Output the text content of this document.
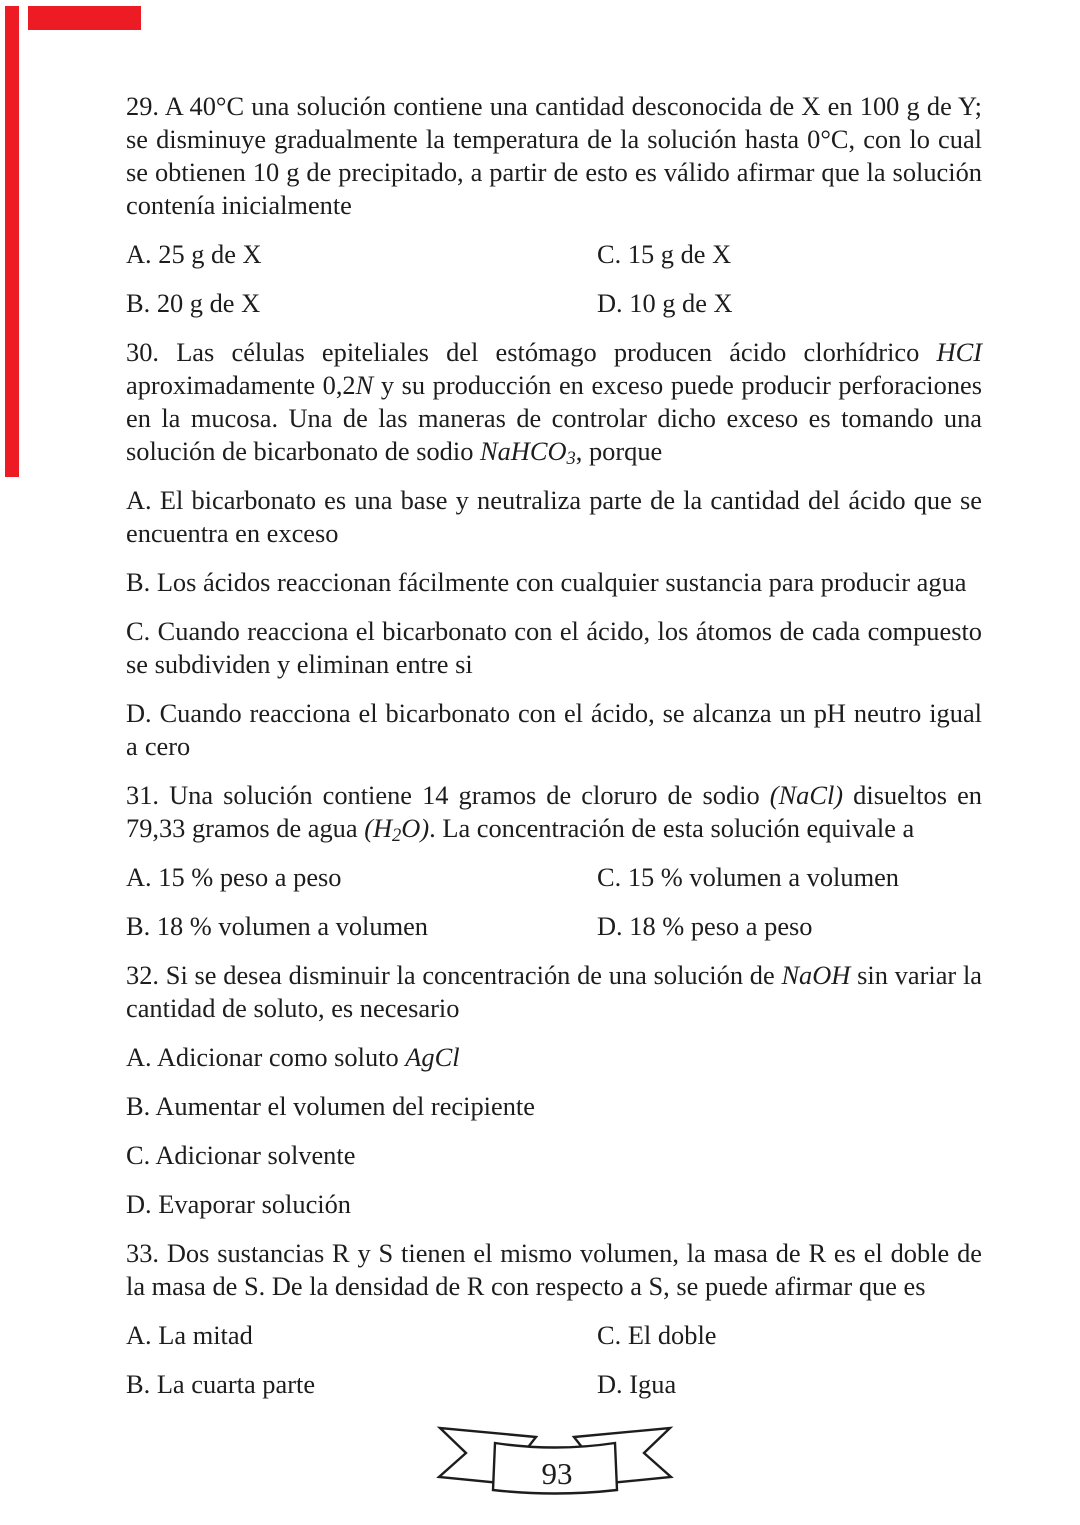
29. A 40°C una solución contiene una cantidad desconocida de X en 100 g de Y; se disminuye gradualmente la temperatura de la solución hasta 0°C, con lo cual se obtienen 10 g de precipitado, a partir de esto es válido afirmar que la solución contenía inicialmente

A. 25 g de X	C. 15 g de X

B. 20 g de X	D. 10 g de X

30. Las células epiteliales del estómago producen ácido clorhídrico HCI aproximadamente 0,2N y su producción en exceso puede producir perforaciones en la mucosa. Una de las maneras de controlar dicho exceso es tomando una solución de bicarbonato de sodio NaHCO$_3$, porque

A. El bicarbonato es una base y neutraliza parte de la cantidad del ácido que se encuentra en exceso

B. Los ácidos reaccionan fácilmente con cualquier sustancia para producir agua

C. Cuando reacciona el bicarbonato con el ácido, los átomos de cada compuesto se subdividen y eliminan entre si

D. Cuando reacciona el bicarbonato con el ácido, se alcanza un pH neutro igual a cero

31. Una solución contiene 14 gramos de cloruro de sodio (NaCl) disueltos en 79,33 gramos de agua $(H_2O)$. La concentración de esta solución equivale a

A. 15 % peso a peso	C. 15 % volumen a volumen

B. 18 % volumen a volumen	D. 18 % peso a peso

32. Si se desea disminuir la concentración de una solución de NaOH sin variar la cantidad de soluto, es necesario

A. Adicionar como soluto AgCl

B. Aumentar el volumen del recipiente

C. Adicionar solvente

D. Evaporar solución

33. Dos sustancias R y S tienen el mismo volumen, la masa de R es el doble de la masa de S. De la densidad de R con respecto a S, se puede afirmar que es

A. La mitad	C. El doble

B. La cuarta parte	D. Igua

93
